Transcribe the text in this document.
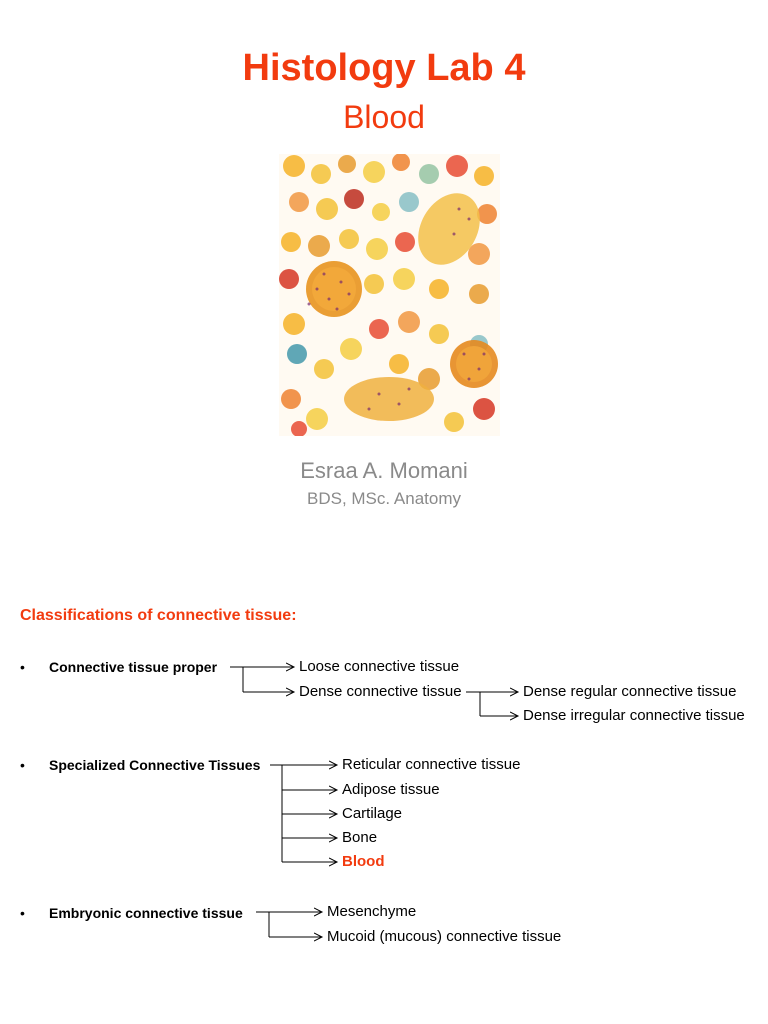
Histology Lab 4
Blood
Esraa A. Momani
BDS, MSc. Anatomy
Classifications of connective tissue:
• Connective tissue proper	Loose connective tissue
Dense connective tissue	Dense regular connective tissue
Dense irregular connective tissue
• Specialized Connective Tissues	Reticular connective tissue
Adipose tissue
Cartilage
Bone
Blood
• Embryonic connective tissue	Mesenchyme
Mucoid (mucous) connective tissue
